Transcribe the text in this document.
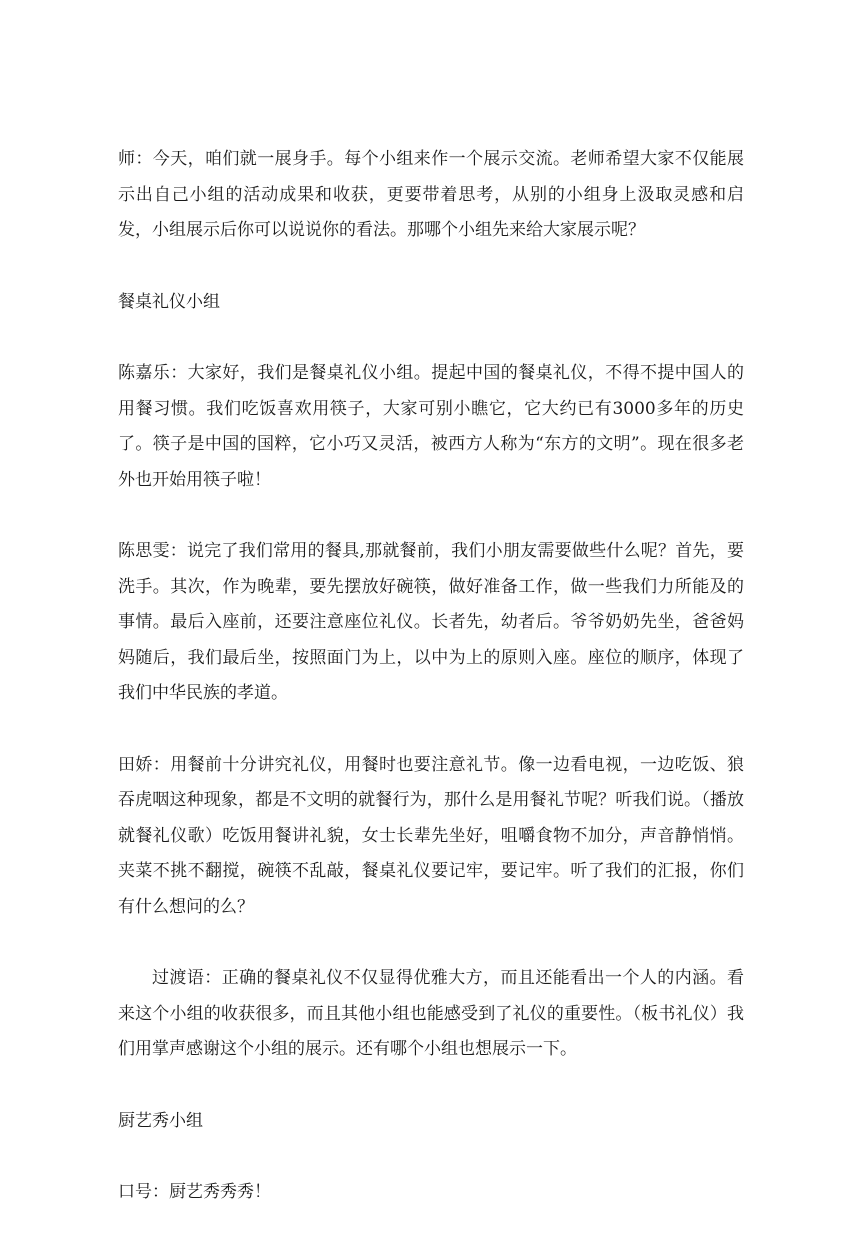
师：今天，咱们就一展身手。每个小组来作一个展示交流。老师希望大家不仅能展示出自己小组的活动成果和收获，更要带着思考，从别的小组身上汲取灵感和启发，小组展示后你可以说说你的看法。那哪个小组先来给大家展示呢？

餐桌礼仪小组

陈嘉乐：大家好，我们是餐桌礼仪小组。提起中国的餐桌礼仪，不得不提中国人的用餐习惯。我们吃饭喜欢用筷子，大家可别小瞧它，它大约已有3000多年的历史了。筷子是中国的国粹，它小巧又灵活，被西方人称为“东方的文明”。现在很多老外也开始用筷子啦！

陈思雯：说完了我们常用的餐具,那就餐前，我们小朋友需要做些什么呢？首先，要洗手。其次，作为晚辈，要先摆放好碗筷，做好准备工作，做一些我们力所能及的事情。最后入座前，还要注意座位礼仪。长者先，幼者后。爷爷奶奶先坐，爸爸妈妈随后，我们最后坐，按照面门为上，以中为上的原则入座。座位的顺序，体现了我们中华民族的孝道。

田娇：用餐前十分讲究礼仪，用餐时也要注意礼节。像一边看电视，一边吃饭、狼吞虎咽这种现象，都是不文明的就餐行为，那什么是用餐礼节呢？听我们说。（播放就餐礼仪歌）吃饭用餐讲礼貌，女士长辈先坐好，咀嚼食物不加分，声音静悄悄。夹菜不挑不翻搅，碗筷不乱敲，餐桌礼仪要记牢，要记牢。听了我们的汇报，你们有什么想问的么？

过渡语：正确的餐桌礼仪不仅显得优雅大方，而且还能看出一个人的内涵。看来这个小组的收获很多，而且其他小组也能感受到了礼仪的重要性。（板书礼仪）我们用掌声感谢这个小组的展示。还有哪个小组也想展示一下。

厨艺秀小组

口号：厨艺秀秀秀！
